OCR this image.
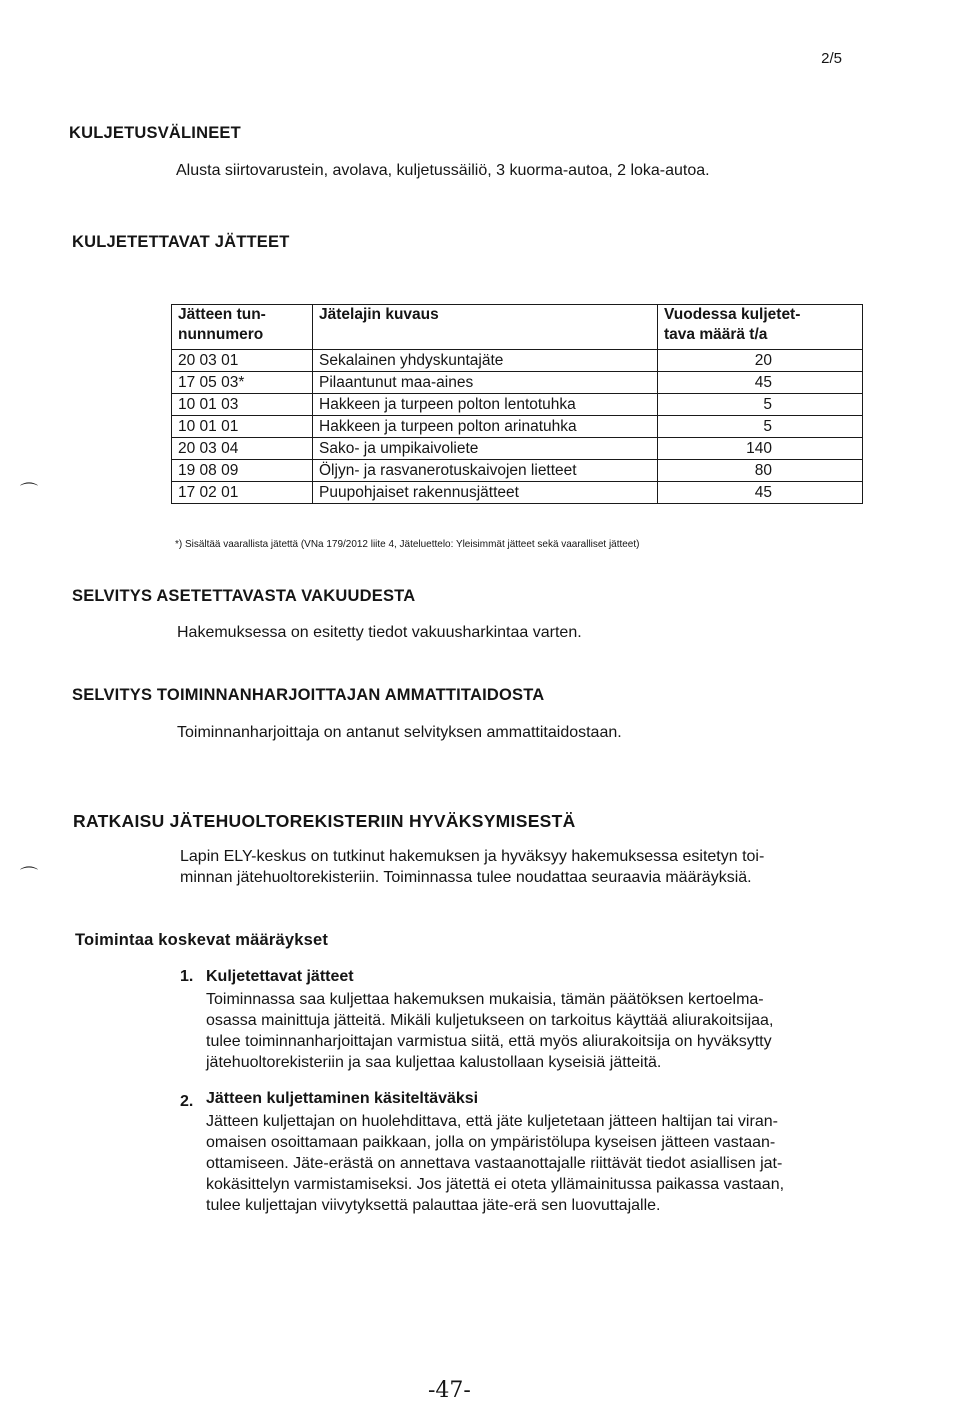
2/5
⌒
⌒
KULJETUSVÄLINEET
Alusta siirtovarustein, avolava, kuljetussäiliö, 3 kuorma-autoa, 2 loka-autoa.
KULJETETTAVAT JÄTTEET
Jätteen tun-
nunnumero	Jätelajin kuvaus	Vuodessa kuljetet-
tava määrä t/a
20 03 01	Sekalainen yhdyskuntajäte	20
17 05 03*	Pilaantunut maa-aines	45
10 01 03	Hakkeen ja turpeen polton lentotuhka	5
10 01 01	Hakkeen ja turpeen polton arinatuhka	5
20 03 04	Sako- ja umpikaivoliete	140
19 08 09	Öljyn- ja rasvanerotuskaivojen lietteet	80
17 02 01	Puupohjaiset rakennusjätteet	45
*) Sisältää vaarallista jätettä (VNa 179/2012 liite 4, Jäteluettelo: Yleisimmät jätteet sekä vaaralliset jätteet)
SELVITYS ASETETTAVASTA VAKUUDESTA
Hakemuksessa on esitetty tiedot vakuusharkintaa varten.
SELVITYS TOIMINNANHARJOITTAJAN AMMATTITAIDOSTA
Toiminnanharjoittaja on antanut selvityksen ammattitaidostaan.
RATKAISU JÄTEHUOLTOREKISTERIIN HYVÄKSYMISESTÄ
Lapin ELY-keskus on tutkinut hakemuksen ja hyväksyy hakemuksessa esitetyn toi-
minnan jätehuoltorekisteriin. Toiminnassa tulee noudattaa seuraavia määräyksiä.
Toimintaa koskevat määräykset
1. Kuljetettavat jätteet
Toiminnassa saa kuljettaa hakemuksen mukaisia, tämän päätöksen kertoelma-
osassa mainittuja jätteitä. Mikäli kuljetukseen on tarkoitus käyttää aliurakoitsijaa,
tulee toiminnanharjoittajan varmistua siitä, että myös aliurakoitsija on hyväksytty
jätehuoltorekisteriin ja saa kuljettaa kalustollaan kyseisiä jätteitä.
2. Jätteen kuljettaminen käsiteltäväksi
Jätteen kuljettajan on huolehdittava, että jäte kuljetetaan jätteen haltijan tai viran-
omaisen osoittamaan paikkaan, jolla on ympäristölupa kyseisen jätteen vastaan-
ottamiseen. Jäte-erästä on annettava vastaanottajalle riittävät tiedot asiallisen jat-
kokäsittelyn varmistamiseksi. Jos jätettä ei oteta yllämainitussa paikassa vastaan,
tulee kuljettajan viivytyksettä palauttaa jäte-erä sen luovuttajalle.
-47-
